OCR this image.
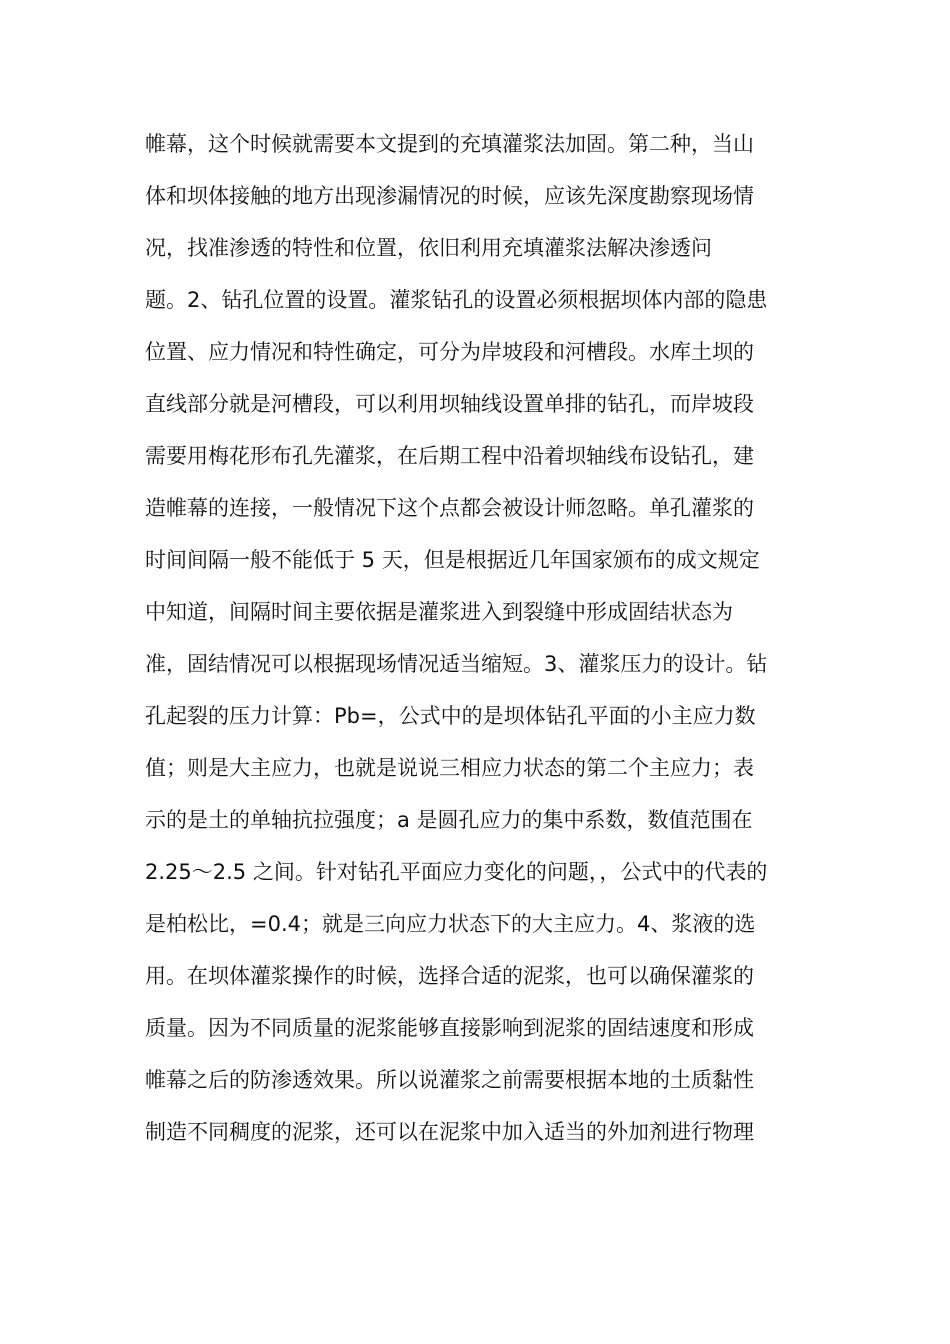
帷幕，这个时候就需要本文提到的充填灌浆法加固。第二种，当山
体和坝体接触的地方出现渗漏情况的时候，应该先深度勘察现场情
况，找准渗透的特性和位置，依旧利用充填灌浆法解决渗透问
题。2、钻孔位置的设置。灌浆钻孔的设置必须根据坝体内部的隐患
位置、应力情况和特性确定，可分为岸坡段和河槽段。水库土坝的
直线部分就是河槽段，可以利用坝轴线设置单排的钻孔，而岸坡段
需要用梅花形布孔先灌浆，在后期工程中沿着坝轴线布设钻孔，建
造帷幕的连接，一般情况下这个点都会被设计师忽略。单孔灌浆的
时间间隔一般不能低于 5 天，但是根据近几年国家颁布的成文规定
中知道，间隔时间主要依据是灌浆进入到裂缝中形成固结状态为
准，固结情况可以根据现场情况适当缩短。3、灌浆压力的设计。钻
孔起裂的压力计算：Pb=，公式中的是坝体钻孔平面的小主应力数
值；则是大主应力，也就是说说三相应力状态的第二个主应力；表
示的是土的单轴抗拉强度；a 是圆孔应力的集中系数，数值范围在
2.25～2.5 之间。针对钻孔平面应力变化的问题，，公式中的代表的
是柏松比，=0.4；就是三向应力状态下的大主应力。4、浆液的选
用。在坝体灌浆操作的时候，选择合适的泥浆，也可以确保灌浆的
质量。因为不同质量的泥浆能够直接影响到泥浆的固结速度和形成
帷幕之后的防渗透效果。所以说灌浆之前需要根据本地的土质黏性
制造不同稠度的泥浆，还可以在泥浆中加入适当的外加剂进行物理
